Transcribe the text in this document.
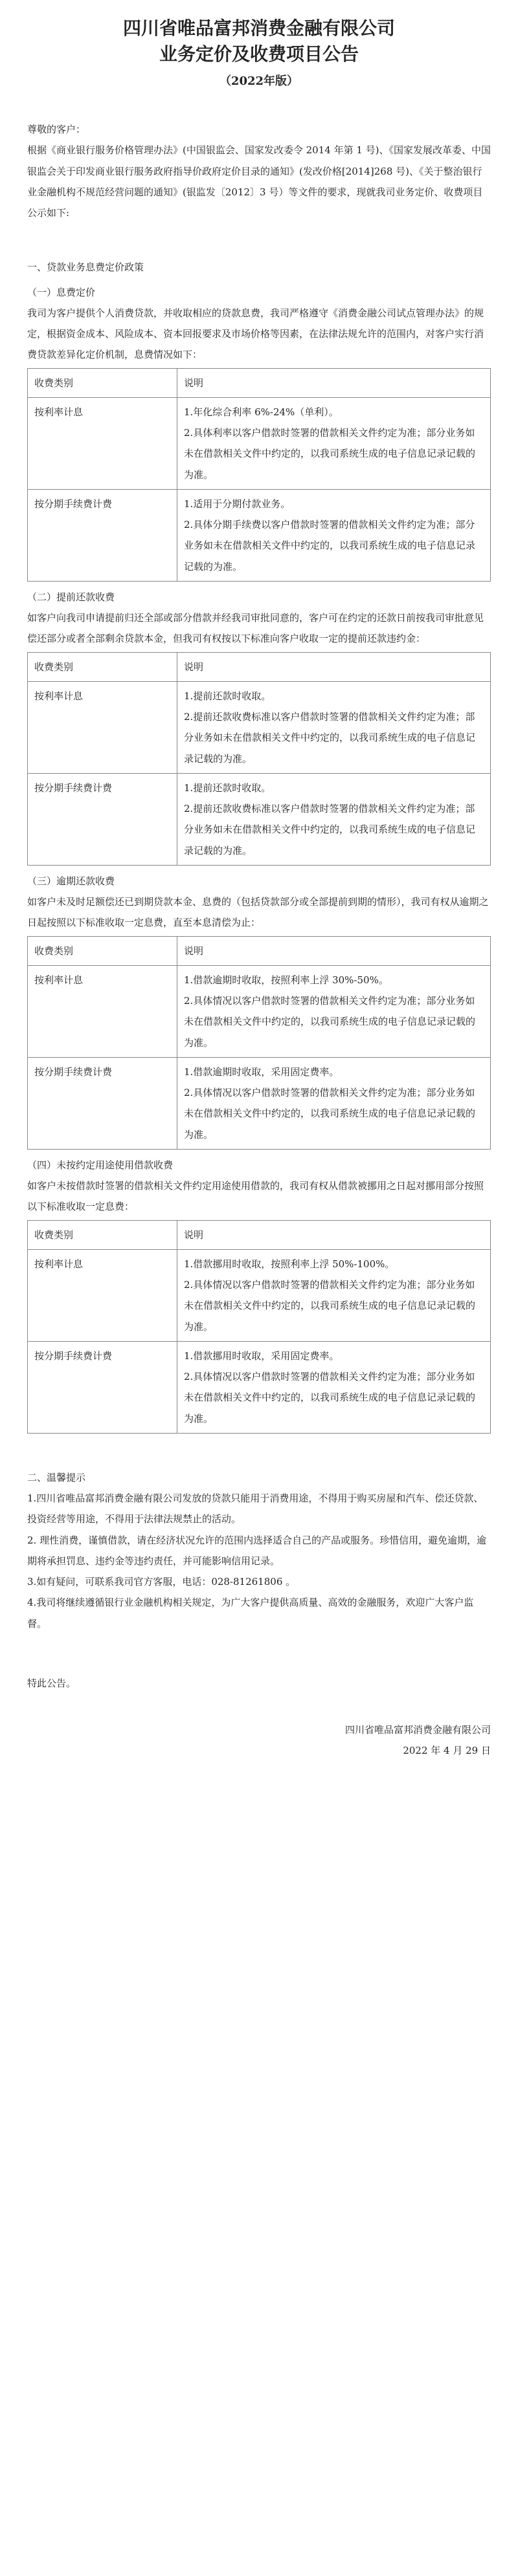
四川省唯品富邦消费金融有限公司
业务定价及收费项目公告
（2022年版）

尊敬的客户：

根据《商业银行服务价格管理办法》(中国银监会、国家发改委令 2014 年第 1 号)、《国家发展改革委、中国银监会关于印发商业银行服务政府指导价政府定价目录的通知》(发改价格[2014]268 号)、《关于整治银行业金融机构不规范经营问题的通知》(银监发〔2012〕3 号）等文件的要求，现就我司业务定价、收费项目公示如下:

一、贷款业务息费定价政策

（一）息费定价

我司为客户提供个人消费贷款，并收取相应的贷款息费，我司严格遵守《消费金融公司试点管理办法》的规定，根据资金成本、风险成本、资本回报要求及市场价格等因素，在法律法规允许的范围内，对客户实行消费贷款差异化定价机制，息费情况如下：

收费类别	说明
按利率计息	1.年化综合利率 6%-24%（单利）。

2.具体利率以客户借款时签署的借款相关文件约定为准；部分业务如未在借款相关文件中约定的，以我司系统生成的电子信息记录记载的为准。

按分期手续费计费	1.适用于分期付款业务。

2.具体分期手续费以客户借款时签署的借款相关文件约定为准；部分业务如未在借款相关文件中约定的，以我司系统生成的电子信息记录记载的为准。

（二）提前还款收费

如客户向我司申请提前归还全部或部分借款并经我司审批同意的，客户可在约定的还款日前按我司审批意见偿还部分或者全部剩余贷款本金，但我司有权按以下标准向客户收取一定的提前还款违约金：

收费类别	说明
按利率计息	1.提前还款时收取。

2.提前还款收费标准以客户借款时签署的借款相关文件约定为准；部分业务如未在借款相关文件中约定的，以我司系统生成的电子信息记录记载的为准。

按分期手续费计费	1.提前还款时收取。

2.提前还款收费标准以客户借款时签署的借款相关文件约定为准；部分业务如未在借款相关文件中约定的，以我司系统生成的电子信息记录记载的为准。

（三）逾期还款收费

如客户未及时足额偿还已到期贷款本金、息费的（包括贷款部分或全部提前到期的情形），我司有权从逾期之日起按照以下标准收取一定息费，直至本息清偿为止：

收费类别	说明
按利率计息	1.借款逾期时收取，按照利率上浮 30%-50%。

2.具体情况以客户借款时签署的借款相关文件约定为准；部分业务如未在借款相关文件中约定的，以我司系统生成的电子信息记录记载的为准。

按分期手续费计费	1.借款逾期时收取，采用固定费率。

2.具体情况以客户借款时签署的借款相关文件约定为准；部分业务如未在借款相关文件中约定的，以我司系统生成的电子信息记录记载的为准。

（四）未按约定用途使用借款收费

如客户未按借款时签署的借款相关文件约定用途使用借款的，我司有权从借款被挪用之日起对挪用部分按照以下标准收取一定息费：

收费类别	说明
按利率计息	1.借款挪用时收取，按照利率上浮 50%-100%。

2.具体情况以客户借款时签署的借款相关文件约定为准；部分业务如未在借款相关文件中约定的，以我司系统生成的电子信息记录记载的为准。

按分期手续费计费	1.借款挪用时收取，采用固定费率。

2.具体情况以客户借款时签署的借款相关文件约定为准；部分业务如未在借款相关文件中约定的，以我司系统生成的电子信息记录记载的为准。

二、温馨提示

1.四川省唯品富邦消费金融有限公司发放的贷款只能用于消费用途，不得用于购买房屋和汽车、偿还贷款、投资经营等用途，不得用于法律法规禁止的活动。

2. 理性消费，谨慎借款，请在经济状况允许的范围内选择适合自己的产品或服务。珍惜信用，避免逾期，逾期将承担罚息、违约金等违约责任，并可能影响信用记录。

3.如有疑问，可联系我司官方客服，电话：028-81261806 。

4.我司将继续遵循银行业金融机构相关规定，为广大客户提供高质量、高效的金融服务，欢迎广大客户监督。

特此公告。

四川省唯品富邦消费金融有限公司

2022 年 4 月 29 日
